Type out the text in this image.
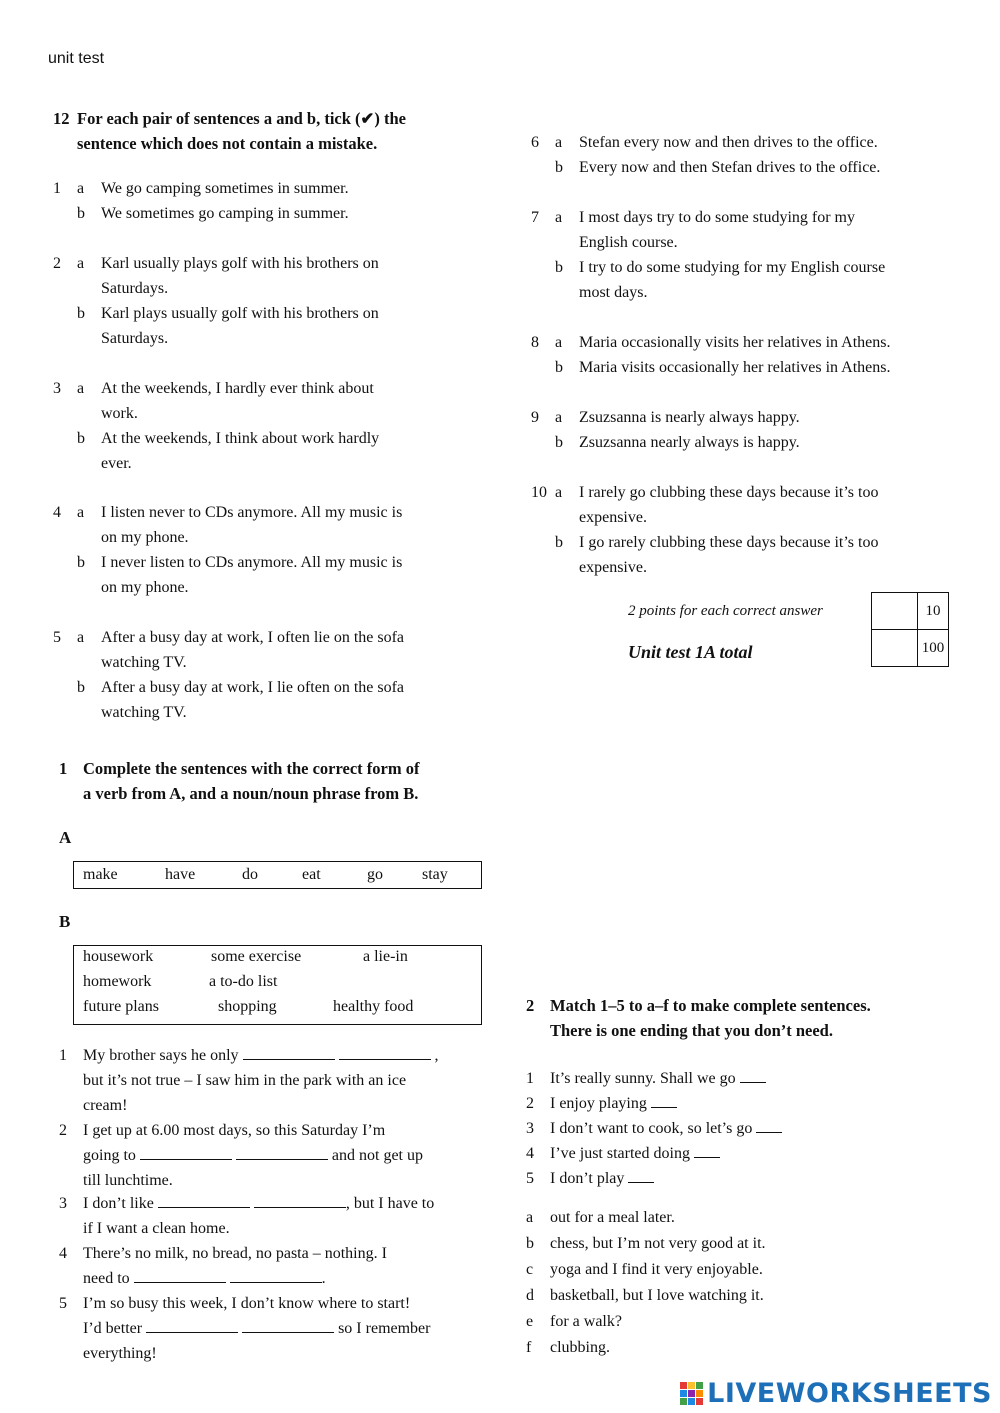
unit test
12 For each pair of sentences a and b, tick (✔) the
sentence which does not contain a mistake.
1	a	We go camping sometimes in summer.
b	We sometimes go camping in summer.
2	a	Karl usually plays golf with his brothers on
Saturdays.
b	Karl plays usually golf with his brothers on
Saturdays.
3	a	At the weekends, I hardly ever think about
work.
b	At the weekends, I think about work hardly
ever.
4	a	I listen never to CDs anymore. All my music is
on my phone.
b	I never listen to CDs anymore. All my music is
on my phone.
5	a	After a busy day at work, I often lie on the sofa
watching TV.
b	After a busy day at work, I lie often on the sofa
watching TV.
6	a	Stefan every now and then drives to the office.
b	Every now and then Stefan drives to the office.
7	a	I most days try to do some studying for my
English course.
b	I try to do some studying for my English course
most days.
8	a	Maria occasionally visits her relatives in Athens.
b	Maria visits occasionally her relatives in Athens.
9	a	Zsuzsanna is nearly always happy.
b	Zsuzsanna nearly always is happy.
10 a	I rarely go clubbing these days because it’s too
expensive.
b	I go rarely clubbing these days because it’s too
expensive.
2 points for each correct answer
Unit test 1A total
	10
	100
1 Complete the sentences with the correct form of
a verb from A, and a noun/noun phrase from B.
A
make	have	do	eat	go stay
B
housework	some exercise	a lie-in
homework	a to-do list
future plans	shopping	healthy food
1	My brother says he only	,
but it’s not true – I saw him in the park with an ice
cream!
2	I get up at 6.00 most days, so this Saturday I’m
going to	and not get up
till lunchtime.
3	I don’t like	, but I have to
if I want a clean home.
4	There’s no milk, no bread, no pasta – nothing. I
need to	.
5	I’m so busy this week, I don’t know where to start!
I’d better	so I remember
everything!
2 Match 1–5 to a–f to make complete sentences.
There is one ending that you don’t need.
1	It’s really sunny. Shall we go
2	I enjoy playing
3	I don’t want to cook, so let’s go
4	I’ve just started doing
5	I don’t play
a	out for a meal later.
b	chess, but I’m not very good at it.
c	yoga and I find it very enjoyable.
d	basketball, but I love watching it.
e	for a walk?
f	clubbing.
LIVEWORKSHEETS
